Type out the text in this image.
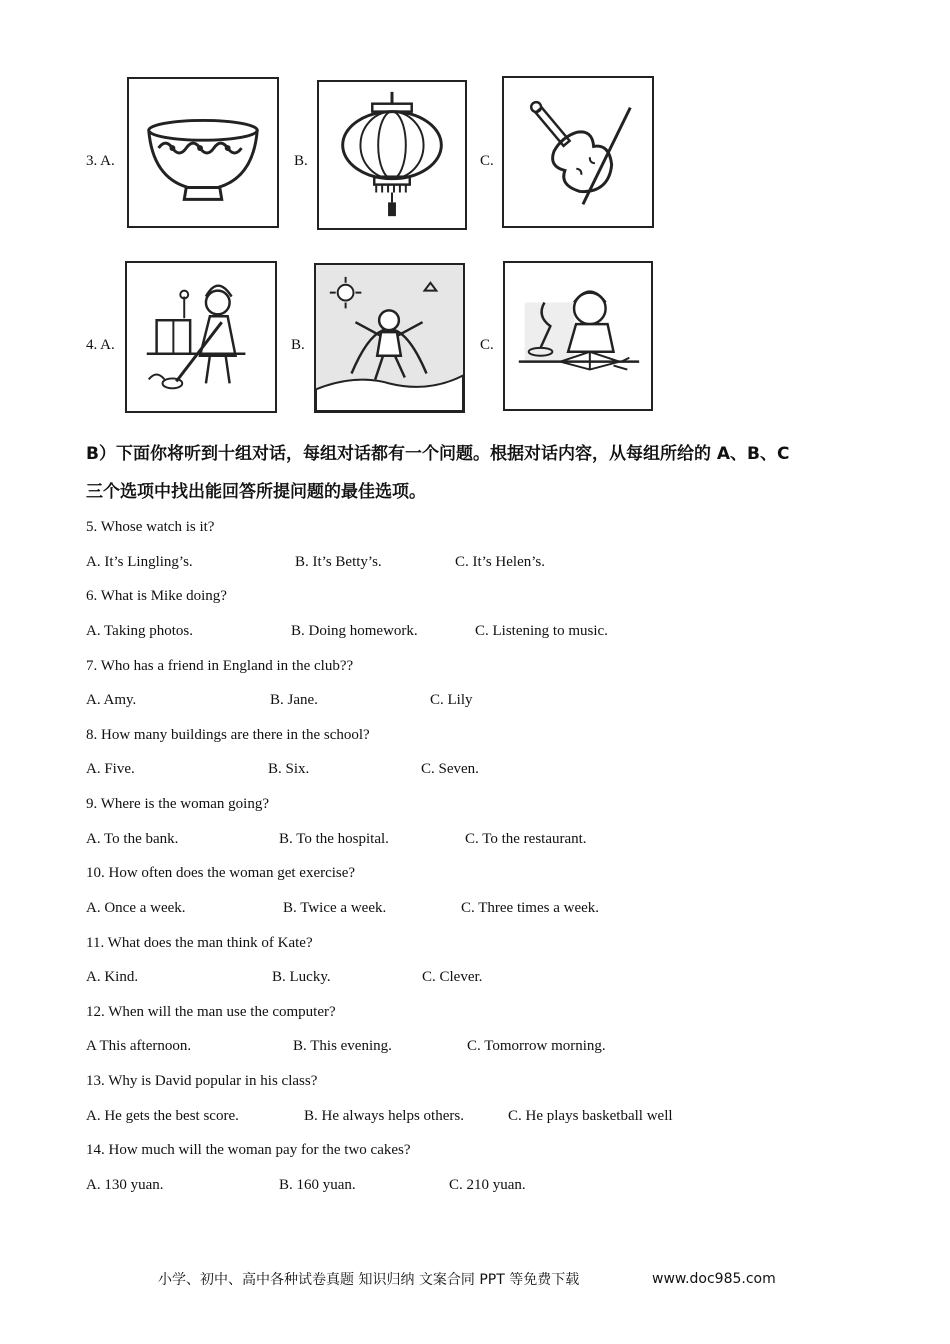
3. A.	B.	C.
4. A.	B.	C.
B）下面你将听到十组对话，每组对话都有一个问题。根据对话内容，从每组所给的 A、B、C
三个选项中找出能回答所提问题的最佳选项。
5. Whose watch is it?
A. It’s Lingling’s.	B. It’s Betty’s.	C. It’s Helen’s.
6. What is Mike doing?
A. Taking photos.	B. Doing homework.	C. Listening to music.
7. Who has a friend in England in the club??
A. Amy.	B. Jane.	C. Lily
8. How many buildings are there in the school?
A. Five.	B. Six.	C. Seven.
9. Where is the woman going?
A. To the bank.	B. To the hospital.	C. To the restaurant.
10. How often does the woman get exercise?
A. Once a week.	B. Twice a week.	C. Three times a week.
11. What does the man think of Kate?
A. Kind.	B. Lucky.	C. Clever.
12. When will the man use the computer?
A This afternoon.	B. This evening.	C. Tomorrow morning.
13. Why is David popular in his class?
A. He gets the best score.	B. He always helps others.	C. He plays basketball well
14. How much will the woman pay for the two cakes?
A. 130 yuan.	B. 160 yuan.	C. 210 yuan.
小学、初中、高中各种试卷真题 知识归纳 文案合同 PPT 等免费下载	www.doc985.com
